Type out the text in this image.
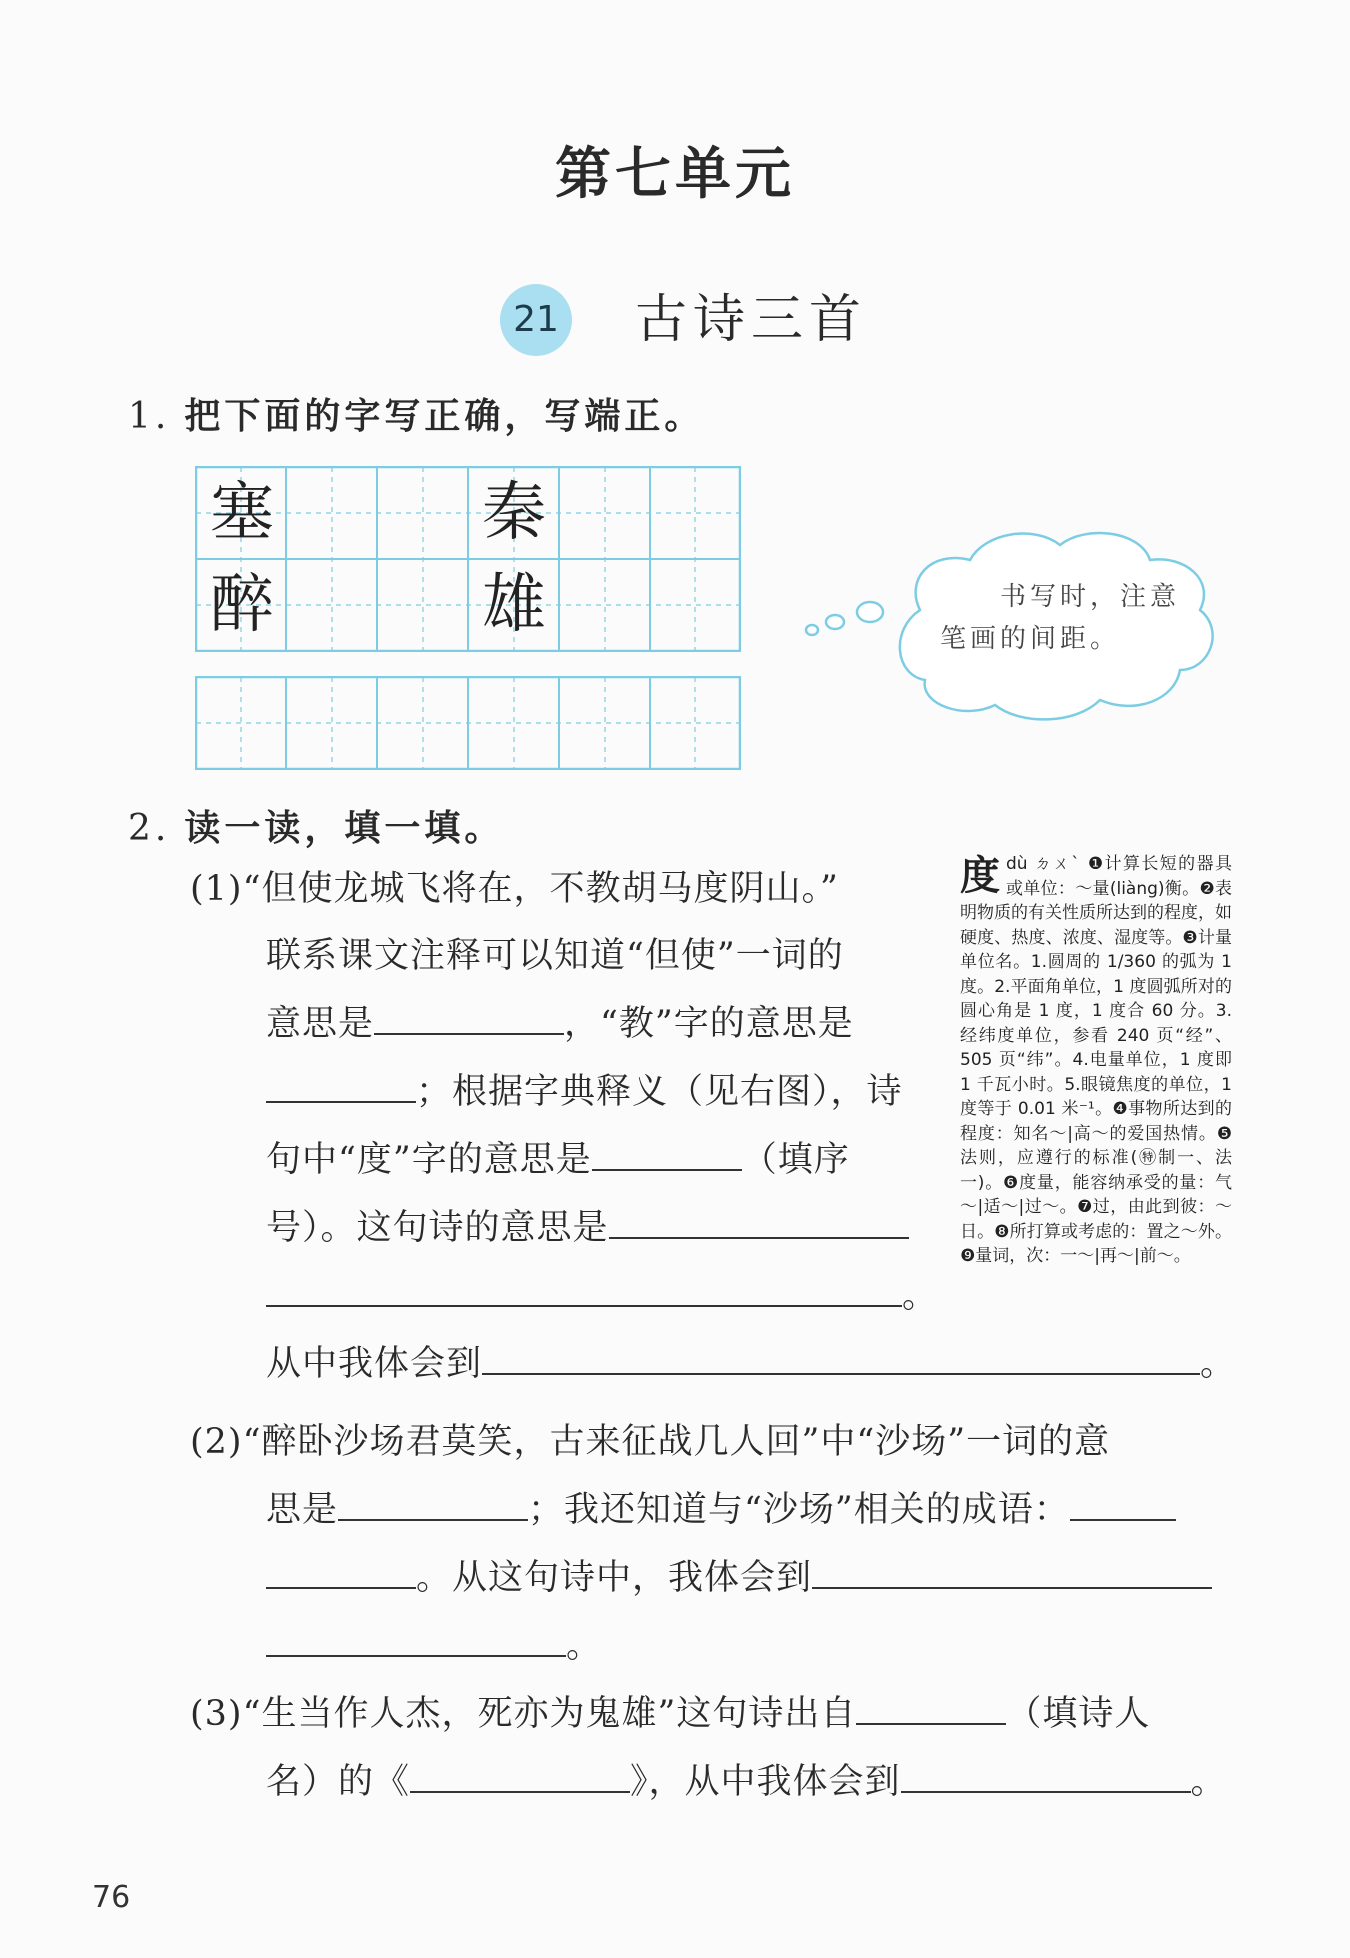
第七单元
21 古诗三首
1. 把下面的字写正确，写端正。
塞	秦
醉	雄	书写时，注意
笔画的间距。
2. 读一读，填一填。
(1)“但使龙城飞将在，不教胡马度阴山。”
联系课文注释可以知道“但使”一词的
意思是	，“教”字的意思是
；根据字典释义（见右图），诗
句中“度”字的意思是	（填序
号）。这句诗的意思是
。
从中我体会到	。
度dù ㄉㄨˋ ❶计算长短的器具或单位：～量(liàng)衡。❷表明物质的有关性质所达到的程度，如硬度、热度、浓度、湿度等。❸计量单位名。1.圆周的 1/360 的弧为 1 度。2.平面角单位，1 度圆弧所对的圆心角是 1 度，1 度合 60 分。3.经纬度单位，参看 240 页“经”、505 页“纬”。4.电量单位，1 度即 1 千瓦小时。5.眼镜焦度的单位，1 度等于 0.01 米⁻¹。❹事物所达到的程度：知名～|高～的爱国热情。❺法则，应遵行的标准(㊕制一、法一)。❻度量，能容纳承受的量：气～|适～|过～。❼过，由此到彼：～日。❽所打算或考虑的：置之～外。❾量词，次：一～|再～|前～。
(2)“醉卧沙场君莫笑，古来征战几人回”中“沙场”一词的意
思是	；我还知道与“沙场”相关的成语：
。从这句诗中，我体会到
。
(3)“生当作人杰，死亦为鬼雄”这句诗出自	（填诗人
名）的《	》，从中我体会到	。
76
